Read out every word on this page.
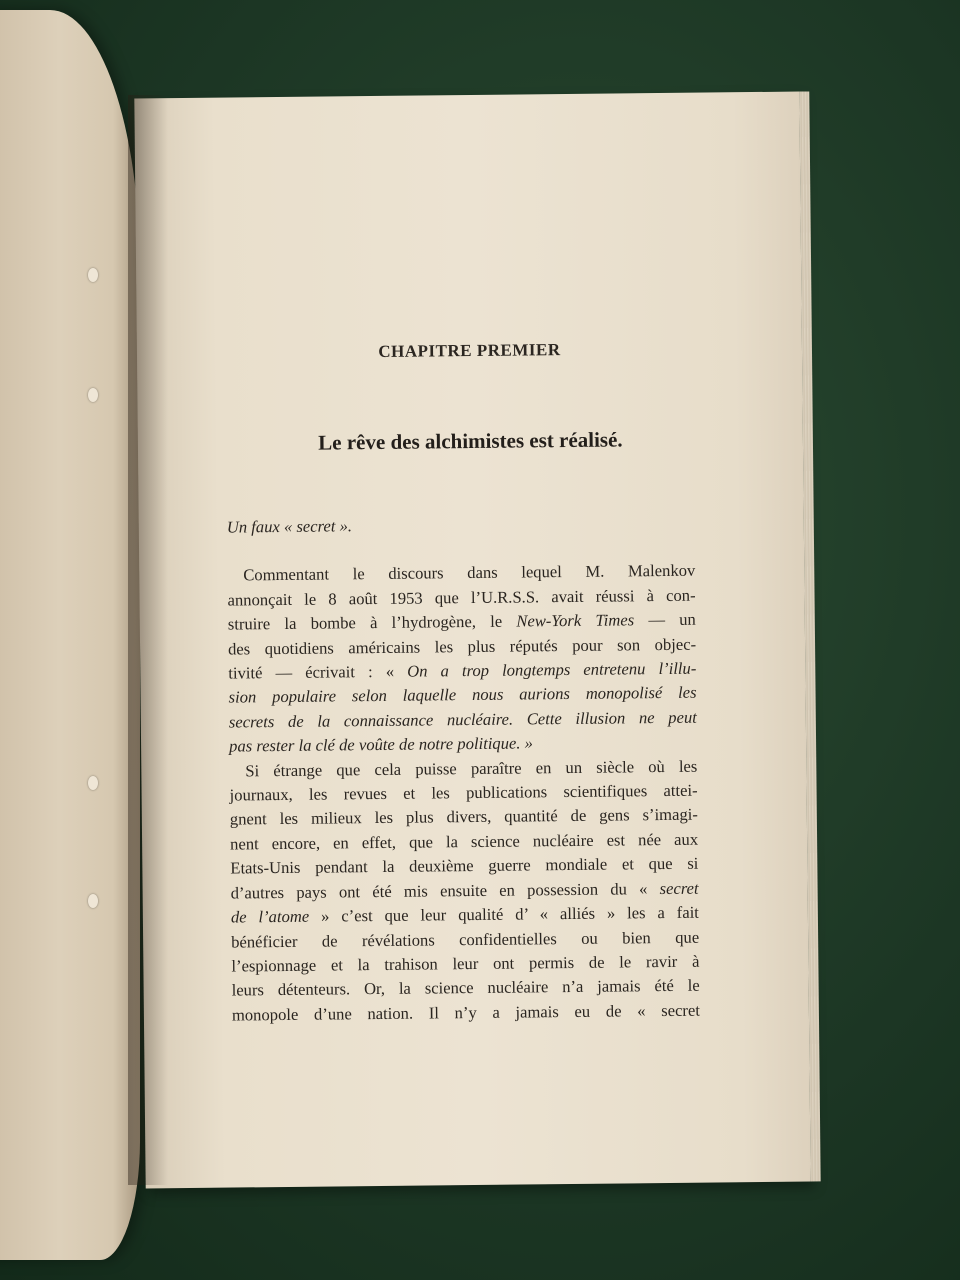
CHAPITRE PREMIER
Le rêve des alchimistes est réalisé.

Un faux « secret ».

Commentant le discours dans lequel M. Malenkov
annonçait le 8 août 1953 que l’U.R.S.S. avait réussi à con-
struire la bombe à l’hydrogène, le New-York Times — un
des quotidiens américains les plus réputés pour son objec-
tivité — écrivait : « On a trop longtemps entretenu l’illu-
sion populaire selon laquelle nous aurions monopolisé les
secrets de la connaissance nucléaire. Cette illusion ne peut
pas rester la clé de voûte de notre politique. »

Si étrange que cela puisse paraître en un siècle où les
journaux, les revues et les publications scientifiques attei-
gnent les milieux les plus divers, quantité de gens s’imagi-
nent encore, en effet, que la science nucléaire est née aux
Etats-Unis pendant la deuxième guerre mondiale et que si
d’autres pays ont été mis ensuite en possession du « secret
de l’atome » c’est que leur qualité d’ « alliés » les a fait
bénéficier de révélations confidentielles ou bien que
l’espionnage et la trahison leur ont permis de le ravir à
leurs détenteurs. Or, la science nucléaire n’a jamais été le
monopole d’une nation. Il n’y a jamais eu de « secret
